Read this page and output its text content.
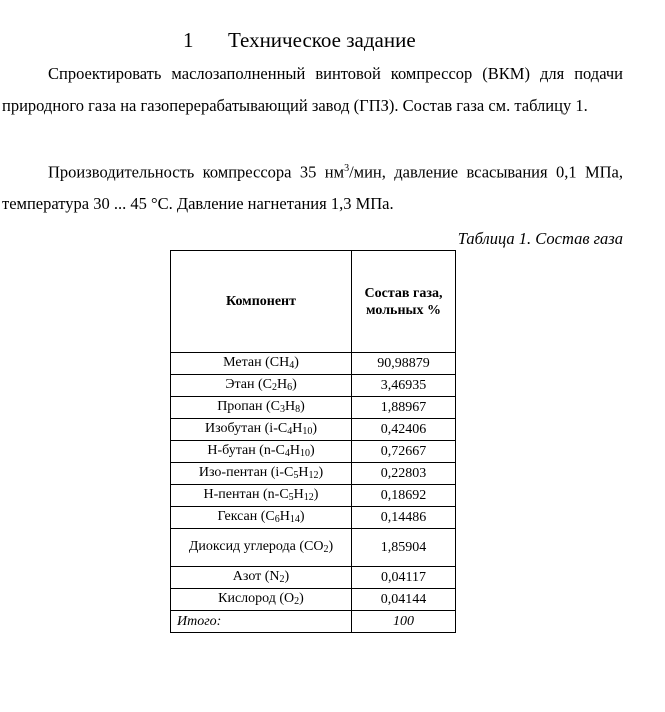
1 Техническое задание

Спроектировать маслозаполненный винтовой компрессор (ВКМ) для подачи природного газа на газоперерабатывающий завод (ГПЗ). Состав газа см. таблицу 1.

Производительность компрессора 35 $нм^3$/мин, давление всасывания 0,1 МПа, температура 30 ... 45 °С. Давление нагнетания 1,3 МПа.

Таблица 1. Состав газа
Компонент	Состав газа, мольных %
Метан $(CH_4)$	90,98879
Этан $(C_2H_6)$	3,46935
Пропан $(C_3H_8)$	1,88967
Изобутан $(i-C_4H_{10})$	0,42406
Н-бутан $(n-C_4H_{10})$	0,72667
Изо-пентан $(i-C_5H_{12})$	0,22803
Н-пентан $(n-C_5H_{12})$	0,18692
Гексан $(C_6H_{14})$	0,14486
Диоксид углерода $(CO_2)$	1,85904
Азот $(N_2)$	0,04117
Кислород $(O_2)$	0,04144
Итого:	100
